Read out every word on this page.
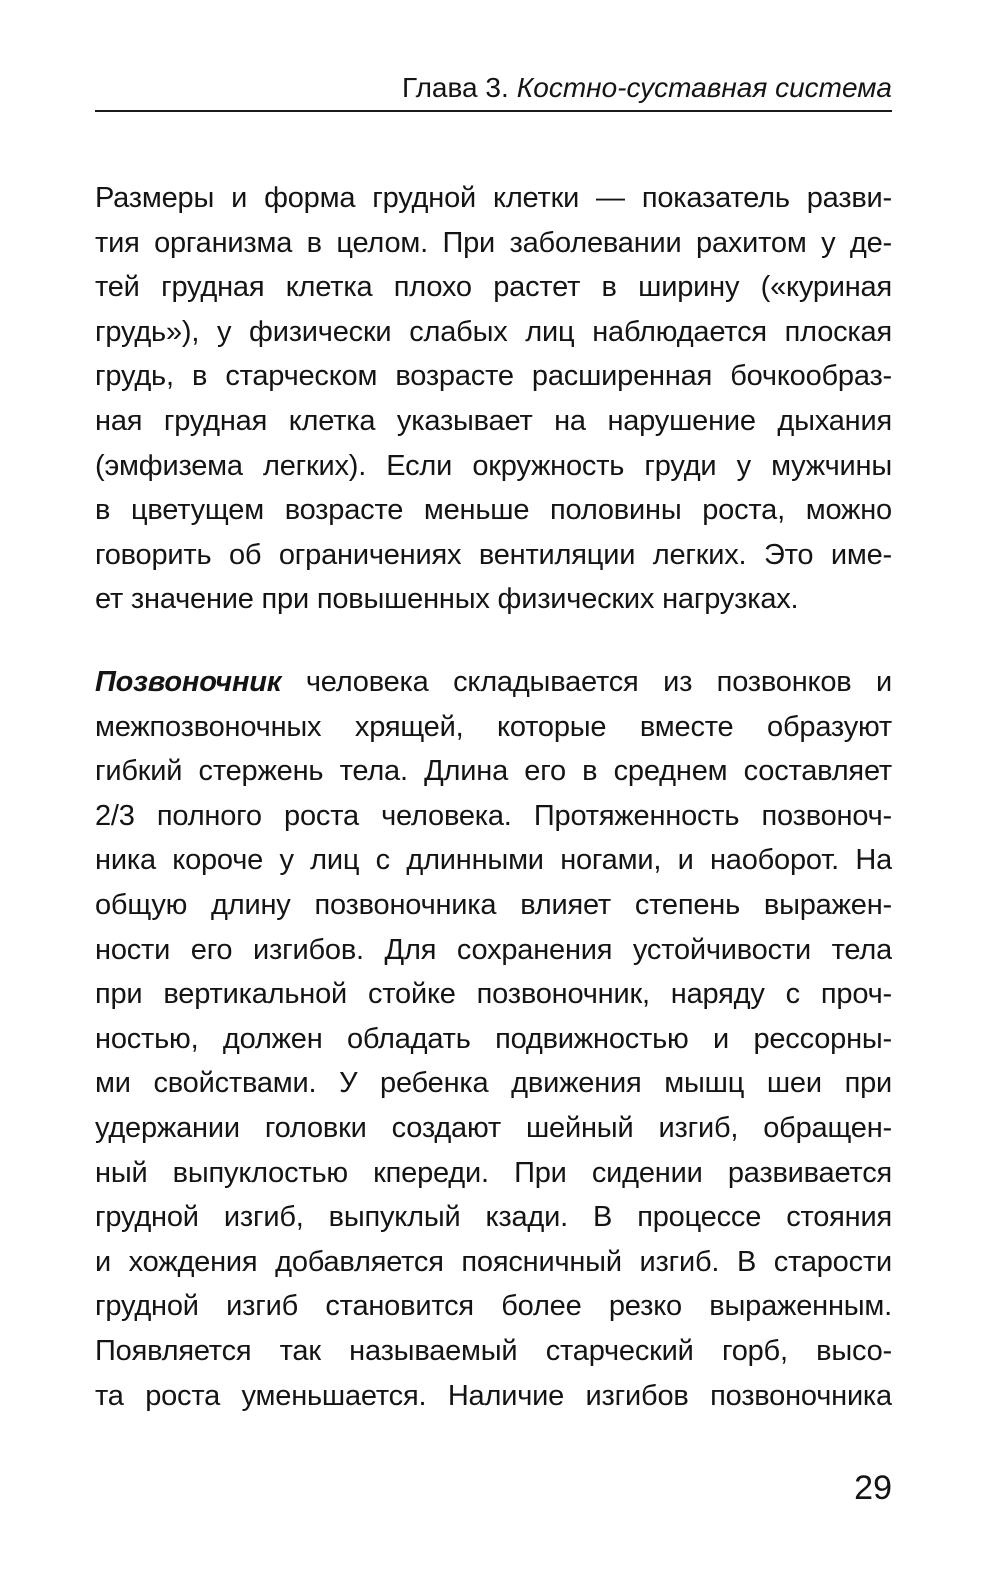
Глава 3. Костно-суставная система
Размеры и форма грудной клетки — показатель разви-
тия организма в целом. При заболевании рахитом у де-
тей грудная клетка плохо растет в ширину («куриная
грудь»), у физически слабых лиц наблюдается плоская
грудь, в старческом возрасте расширенная бочкообраз-
ная грудная клетка указывает на нарушение дыхания
(эмфизема легких). Если окружность груди у мужчины
в цветущем возрасте меньше половины роста, можно
говорить об ограничениях вентиляции легких. Это име-
ет значение при повышенных физических нагрузках.
Позвоночник человека складывается из позвонков и
межпозвоночных хрящей, которые вместе образуют
гибкий стержень тела. Длина его в среднем составляет
2/3 полного роста человека. Протяженность позвоноч-
ника короче у лиц с длинными ногами, и наоборот. На
общую длину позвоночника влияет степень выражен-
ности его изгибов. Для сохранения устойчивости тела
при вертикальной стойке позвоночник, наряду с проч-
ностью, должен обладать подвижностью и рессорны-
ми свойствами. У ребенка движения мышц шеи при
удержании головки создают шейный изгиб, обращен-
ный выпуклостью кпереди. При сидении развивается
грудной изгиб, выпуклый кзади. В процессе стояния
и хождения добавляется поясничный изгиб. В старости
грудной изгиб становится более резко выраженным.
Появляется так называемый старческий горб, высо-
та роста уменьшается. Наличие изгибов позвоночника
29
